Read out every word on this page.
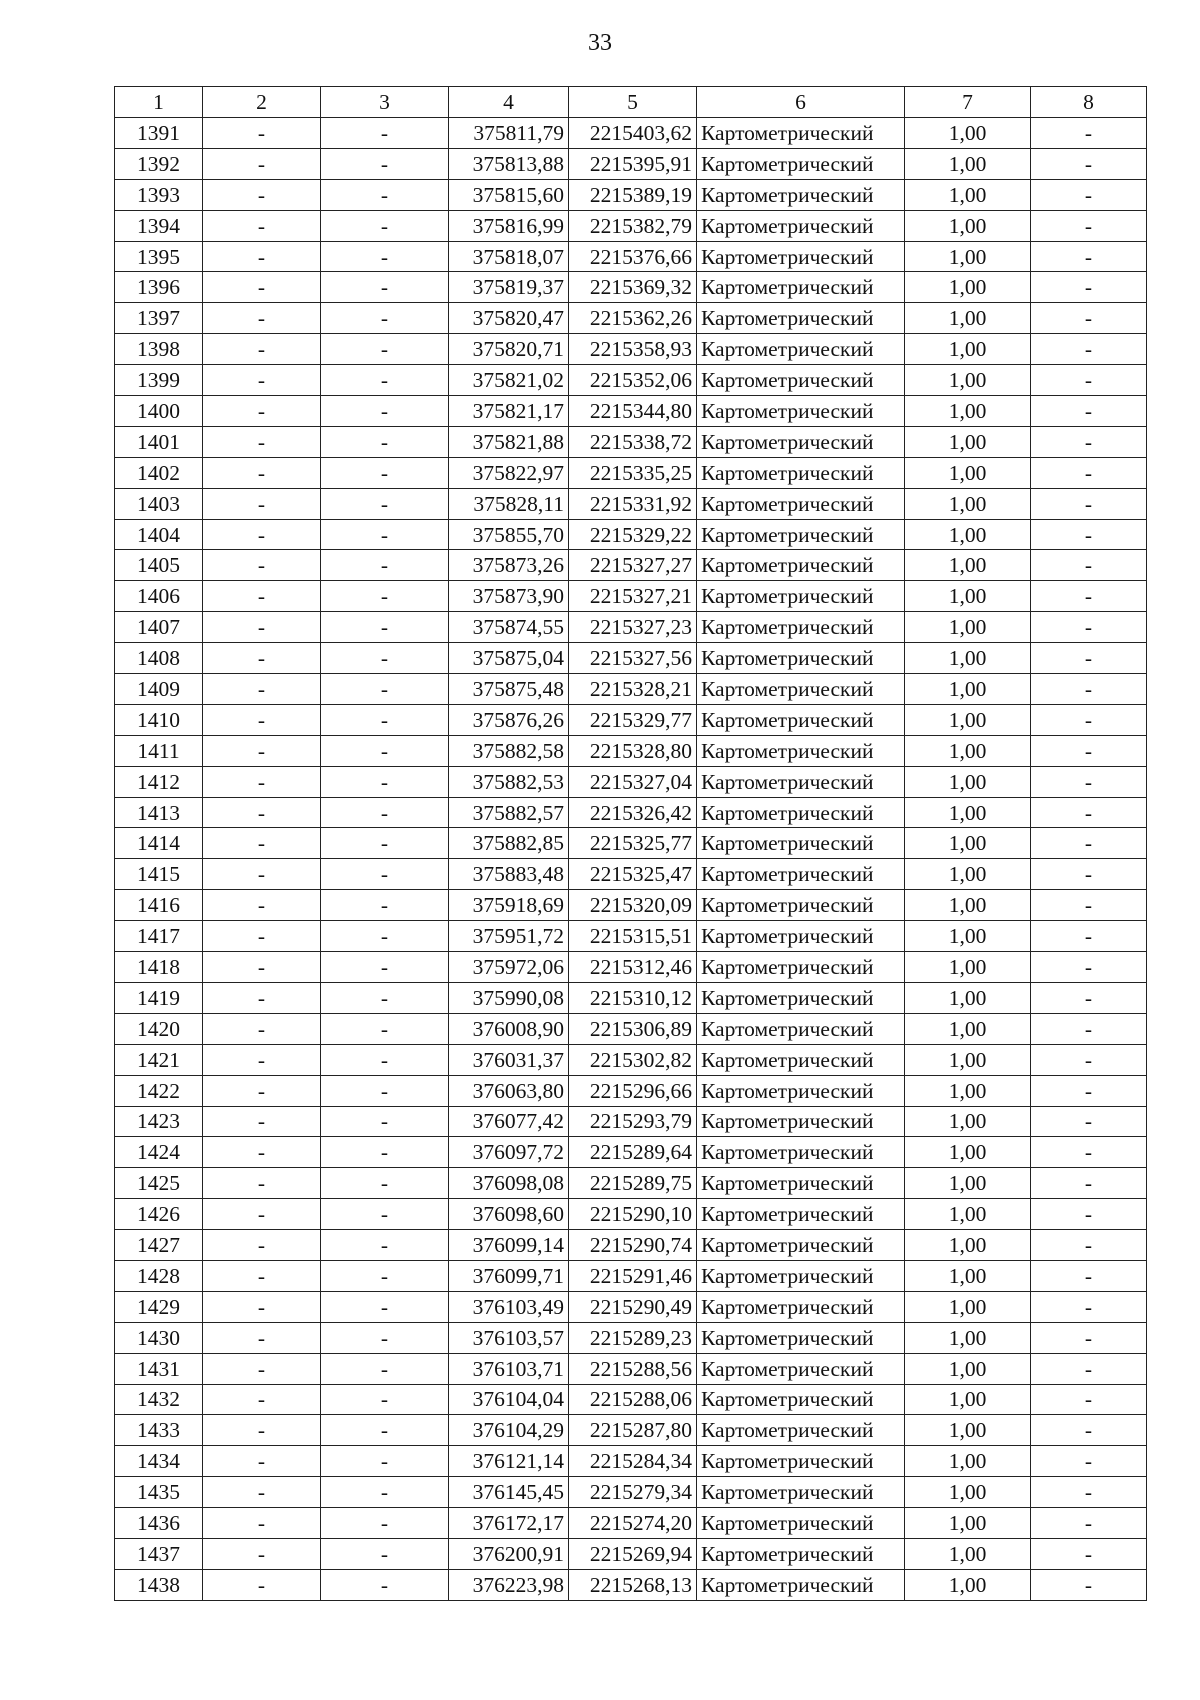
33
1	2	3	4	5	6	7	8
1391	-	-	375811,79	2215403,62	Картометрический	1,00	-
1392	-	-	375813,88	2215395,91	Картометрический	1,00	-
1393	-	-	375815,60	2215389,19	Картометрический	1,00	-
1394	-	-	375816,99	2215382,79	Картометрический	1,00	-
1395	-	-	375818,07	2215376,66	Картометрический	1,00	-
1396	-	-	375819,37	2215369,32	Картометрический	1,00	-
1397	-	-	375820,47	2215362,26	Картометрический	1,00	-
1398	-	-	375820,71	2215358,93	Картометрический	1,00	-
1399	-	-	375821,02	2215352,06	Картометрический	1,00	-
1400	-	-	375821,17	2215344,80	Картометрический	1,00	-
1401	-	-	375821,88	2215338,72	Картометрический	1,00	-
1402	-	-	375822,97	2215335,25	Картометрический	1,00	-
1403	-	-	375828,11	2215331,92	Картометрический	1,00	-
1404	-	-	375855,70	2215329,22	Картометрический	1,00	-
1405	-	-	375873,26	2215327,27	Картометрический	1,00	-
1406	-	-	375873,90	2215327,21	Картометрический	1,00	-
1407	-	-	375874,55	2215327,23	Картометрический	1,00	-
1408	-	-	375875,04	2215327,56	Картометрический	1,00	-
1409	-	-	375875,48	2215328,21	Картометрический	1,00	-
1410	-	-	375876,26	2215329,77	Картометрический	1,00	-
1411	-	-	375882,58	2215328,80	Картометрический	1,00	-
1412	-	-	375882,53	2215327,04	Картометрический	1,00	-
1413	-	-	375882,57	2215326,42	Картометрический	1,00	-
1414	-	-	375882,85	2215325,77	Картометрический	1,00	-
1415	-	-	375883,48	2215325,47	Картометрический	1,00	-
1416	-	-	375918,69	2215320,09	Картометрический	1,00	-
1417	-	-	375951,72	2215315,51	Картометрический	1,00	-
1418	-	-	375972,06	2215312,46	Картометрический	1,00	-
1419	-	-	375990,08	2215310,12	Картометрический	1,00	-
1420	-	-	376008,90	2215306,89	Картометрический	1,00	-
1421	-	-	376031,37	2215302,82	Картометрический	1,00	-
1422	-	-	376063,80	2215296,66	Картометрический	1,00	-
1423	-	-	376077,42	2215293,79	Картометрический	1,00	-
1424	-	-	376097,72	2215289,64	Картометрический	1,00	-
1425	-	-	376098,08	2215289,75	Картометрический	1,00	-
1426	-	-	376098,60	2215290,10	Картометрический	1,00	-
1427	-	-	376099,14	2215290,74	Картометрический	1,00	-
1428	-	-	376099,71	2215291,46	Картометрический	1,00	-
1429	-	-	376103,49	2215290,49	Картометрический	1,00	-
1430	-	-	376103,57	2215289,23	Картометрический	1,00	-
1431	-	-	376103,71	2215288,56	Картометрический	1,00	-
1432	-	-	376104,04	2215288,06	Картометрический	1,00	-
1433	-	-	376104,29	2215287,80	Картометрический	1,00	-
1434	-	-	376121,14	2215284,34	Картометрический	1,00	-
1435	-	-	376145,45	2215279,34	Картометрический	1,00	-
1436	-	-	376172,17	2215274,20	Картометрический	1,00	-
1437	-	-	376200,91	2215269,94	Картометрический	1,00	-
1438	-	-	376223,98	2215268,13	Картометрический	1,00	-
